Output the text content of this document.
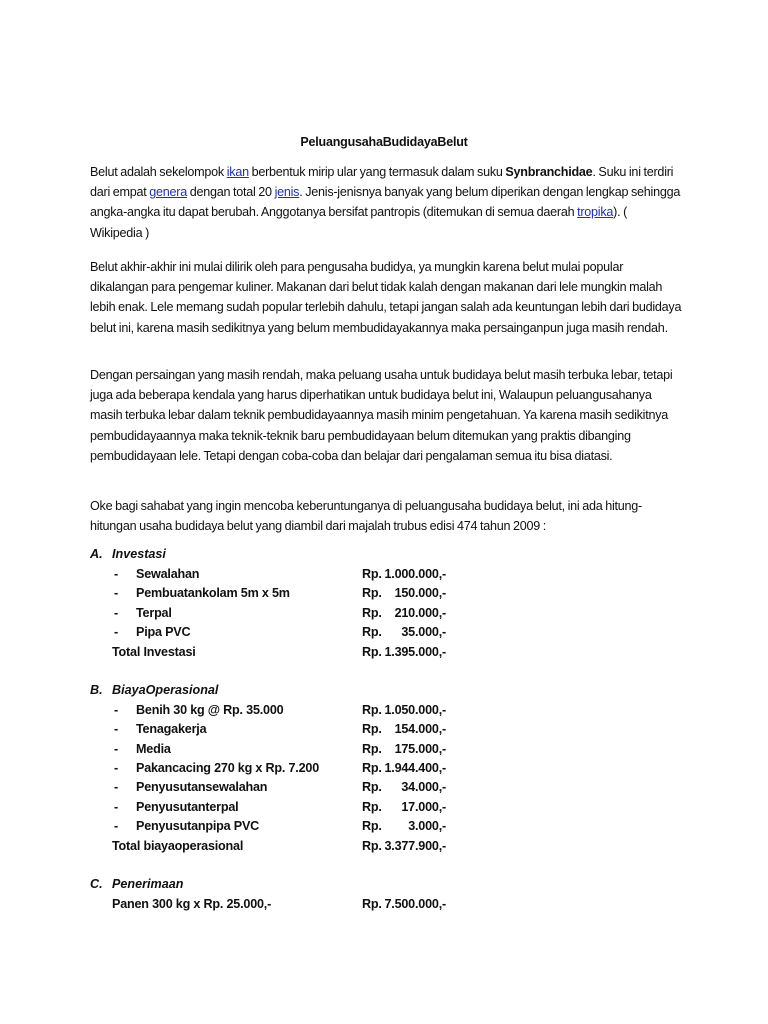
PeluangusahaBudidayaBelut
Belut adalah sekelompok ikan berbentuk mirip ular yang termasuk dalam suku Synbranchidae. Suku ini terdiri dari empat genera dengan total 20 jenis. Jenis-jenisnya banyak yang belum diperikan dengan lengkap sehingga angka-angka itu dapat berubah. Anggotanya bersifat pantropis (ditemukan di semua daerah tropika). ( Wikipedia )
Belut akhir-akhir ini mulai dilirik oleh para pengusaha budidya, ya mungkin karena belut mulai popular dikalangan para pengemar kuliner. Makanan dari belut tidak kalah dengan makanan dari lele mungkin malah lebih enak. Lele memang sudah popular terlebih dahulu, tetapi jangan salah ada keuntungan lebih dari budidaya belut ini, karena masih sedikitnya yang belum membudidayakannya maka persainganpun juga masih rendah.
Dengan persaingan yang masih rendah, maka peluang usaha untuk budidaya belut masih terbuka lebar, tetapi juga ada beberapa kendala yang harus diperhatikan untuk budidaya belut ini, Walaupun peluangusahanya masih terbuka lebar dalam teknik pembudidayaannya masih minim pengetahuan. Ya karena masih sedikitnya pembudidayaannya maka teknik-teknik baru pembudidayaan belum ditemukan yang praktis dibanging pembudidayaan lele. Tetapi dengan coba-coba dan belajar dari pengalaman semua itu bisa diatasi.
Oke bagi sahabat yang ingin mencoba keberuntunganya di peluangusaha budidaya belut, ini ada hitung-hitungan usaha budidaya belut yang diambil dari majalah trubus edisi 474 tahun 2009 :
A. Investasi
- Sewalahan	Rp. 1.000.000,-
- Pembuatankolam 5m x 5m	Rp.	150.000,-
- Terpal	Rp.	210.000,-
- Pipa PVC	Rp.	35.000,-
Total Investasi	Rp. 1.395.000,-
B. BiayaOperasional
- Benih 30 kg @ Rp. 35.000	Rp. 1.050.000,-
- Tenagakerja	Rp.	154.000,-
- Media	Rp.	175.000,-
- Pakancacing 270 kg x Rp. 7.200	Rp. 1.944.400,-
- Penyusutansewalahan	Rp.	34.000,-
- Penyusutanterpal	Rp.	17.000,-
- Penyusutanpipa PVC	Rp.	3.000,-
Total biayaoperasional	Rp. 3.377.900,-
C. Penerimaan
Panen 300 kg x Rp. 25.000,-	Rp. 7.500.000,-
